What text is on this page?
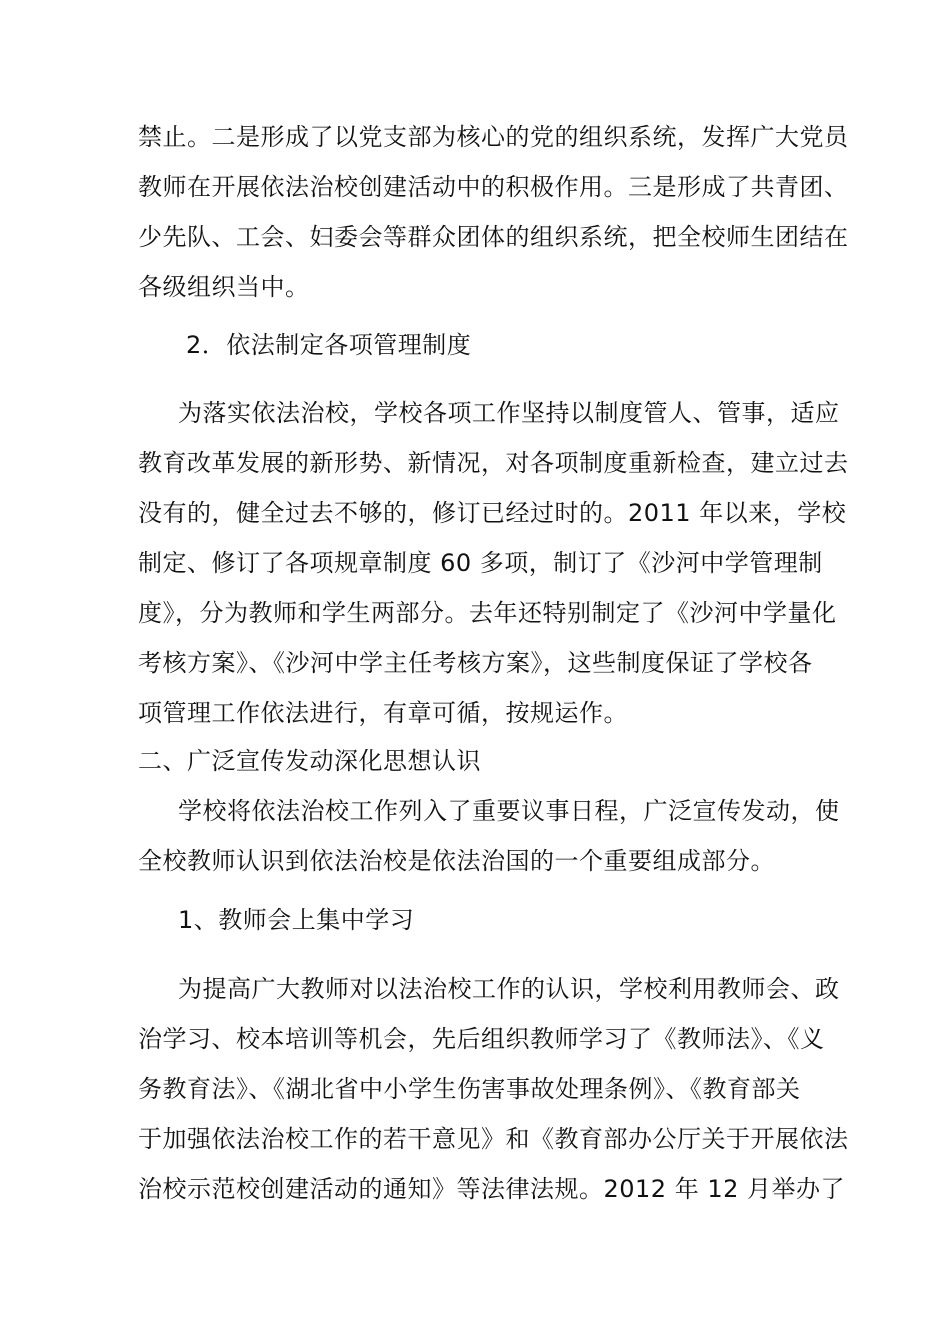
禁止。二是形成了以党支部为核心的党的组织系统，发挥广大党员
教师在开展依法治校创建活动中的积极作用。三是形成了共青团、
少先队、工会、妇委会等群众团体的组织系统，把全校师生团结在
各级组织当中。
2．依法制定各项管理制度
为落实依法治校，学校各项工作坚持以制度管人、管事，适应
教育改革发展的新形势、新情况，对各项制度重新检查，建立过去
没有的，健全过去不够的，修订已经过时的。2011 年以来，学校
制定、修订了各项规章制度 60 多项，制订了《沙河中学管理制
度》，分为教师和学生两部分。去年还特别制定了《沙河中学量化
考核方案》、《沙河中学主任考核方案》，这些制度保证了学校各
项管理工作依法进行，有章可循，按规运作。
二、广泛宣传发动深化思想认识
学校将依法治校工作列入了重要议事日程，广泛宣传发动，使
全校教师认识到依法治校是依法治国的一个重要组成部分。
1、教师会上集中学习
为提高广大教师对以法治校工作的认识，学校利用教师会、政
治学习、校本培训等机会，先后组织教师学习了《教师法》、《义
务教育法》、《湖北省中小学生伤害事故处理条例》、《教育部关
于加强依法治校工作的若干意见》和《教育部办公厅关于开展依法
治校示范校创建活动的通知》等法律法规。2012 年 12 月举办了
